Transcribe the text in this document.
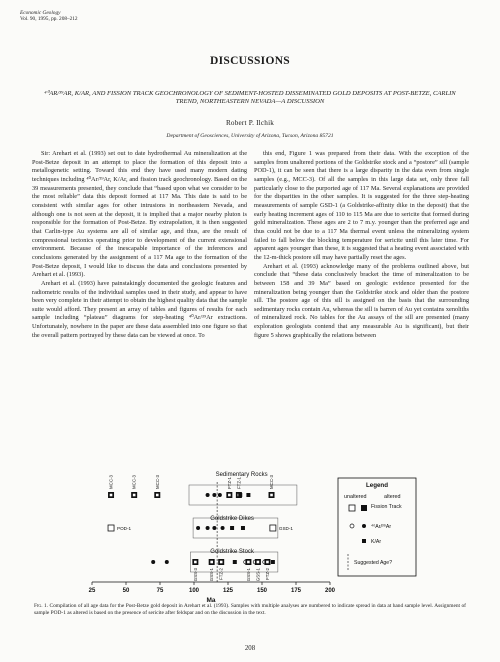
Economic Geology
Vol. 90, 1995, pp. 208–212
DISCUSSIONS
⁴⁰AR/³⁹AR, K/AR, AND FISSION TRACK GEOCHRONOLOGY OF SEDIMENT-HOSTED DISSEMINATED GOLD DEPOSITS AT POST-BETZE, CARLIN TREND, NORTHEASTERN NEVADA—A DISCUSSION
Robert P. Ilchik
Department of Geosciences, University of Arizona, Tucson, Arizona 85721

Sir: Arehart et al. (1993) set out to date hydrothermal Au mineralization at the Post-Betze deposit in an attempt to place the formation of this deposit into a metallogenetic setting. Toward this end they have used many modern dating techniques including ⁴⁰Ar/³⁹Ar, K/Ar, and fission track geochronology. Based on the 39 measurements presented, they conclude that “based upon what we consider to be the most reliable” data this deposit formed at 117 Ma. This date is said to be consistent with similar ages for other intrusions in northeastern Nevada, and although one is not seen at the deposit, it is implied that a major nearby pluton is responsible for the formation of Post-Betze. By extrapolation, it is then suggested that Carlin-type Au systems are all of similar age, and thus, are the result of compressional tectonics operating prior to development of the current extensional environment. Because of the inescapable importance of the inferences and conclusions generated by the assignment of a 117 Ma age to the formation of the Post-Betze deposit, I would like to discuss the data and conclusions presented by Arehart et al. (1993).

Arehart et al. (1993) have painstakingly documented the geologic features and radiometric results of the individual samples used in their study, and appear to have been very complete in their attempt to obtain the highest quality data that the sample suite would afford. They present an array of tables and figures of results for each sample including “plateau” diagrams for step-heating ⁴⁰Ar/³⁹Ar extractions. Unfortunately, nowhere in the paper are these data assembled into one figure so that the overall pattern portrayed by these data can be viewed at once. To

this end, Figure 1 was prepared from their data. With the exception of the samples from unaltered portions of the Goldstrike stock and a “postore” sill (sample POD-1), it can be seen that there is a large disparity in the data even from single samples (e.g., MCC-3). Of all the samples in this large data set, only three fall particularly close to the purported age of 117 Ma. Several explanations are provided for the disparities in the other samples. It is suggested for the three step-heating measurements of sample GSD-1 (a Goldstrike-affinity dike in the deposit) that the early heating increment ages of 110 to 115 Ma are due to sericite that formed during gold mineralization. These ages are 2 to 7 m.y. younger than the preferred age and thus could not be due to a 117 Ma thermal event unless the mineralizing system failed to fall below the blocking temperature for sericite until this later time. For apparent ages younger than these, it is suggested that a heating event associated with the 12-m-thick postore sill may have partially reset the ages.

Arehart et al. (1993) acknowledge many of the problems outlined above, but conclude that “these data conclusively bracket the time of mineralization to be between 158 and 39 Ma” based on geologic evidence presented for the mineralization being younger than the Goldstrike stock and older than the postore sill. The postore age of this sill is assigned on the basis that the surrounding sedimentary rocks contain Au, whereas the sill is barren of Au yet contains xenoliths of mineralized rock. No tables for the Au assays of the sill are presented (many exploration geologists contend that any measurable Au is significant), but their figure 5 shows graphically the relations between

25	50	75	100	125	150	175	200
Ma
Sedimentary Rocks
Goldstrike Dikes
Goldstrike Stock
MCC-3	MCC-3	MCC-3	FTZ-1 FTZ-1	MCC-3
POD-1	GSD-1
GSS-3	GSS-1 FTZ-2	GSS-1 GSS-1 FTZ-2
Legend
unaltered	altered
Fission Track
⁴⁰Ar/³⁹Ar
K/Ar
Suggested Age?
Fig. 1. Compilation of all age data for the Post-Betze gold deposit in Arehart et al. (1993). Samples with multiple analyses are numbered to indicate spread in data at hand sample level. Assignment of sample POD-1 as altered is based on the presence of sericite after feldspar and on the discussion in the text.
208
